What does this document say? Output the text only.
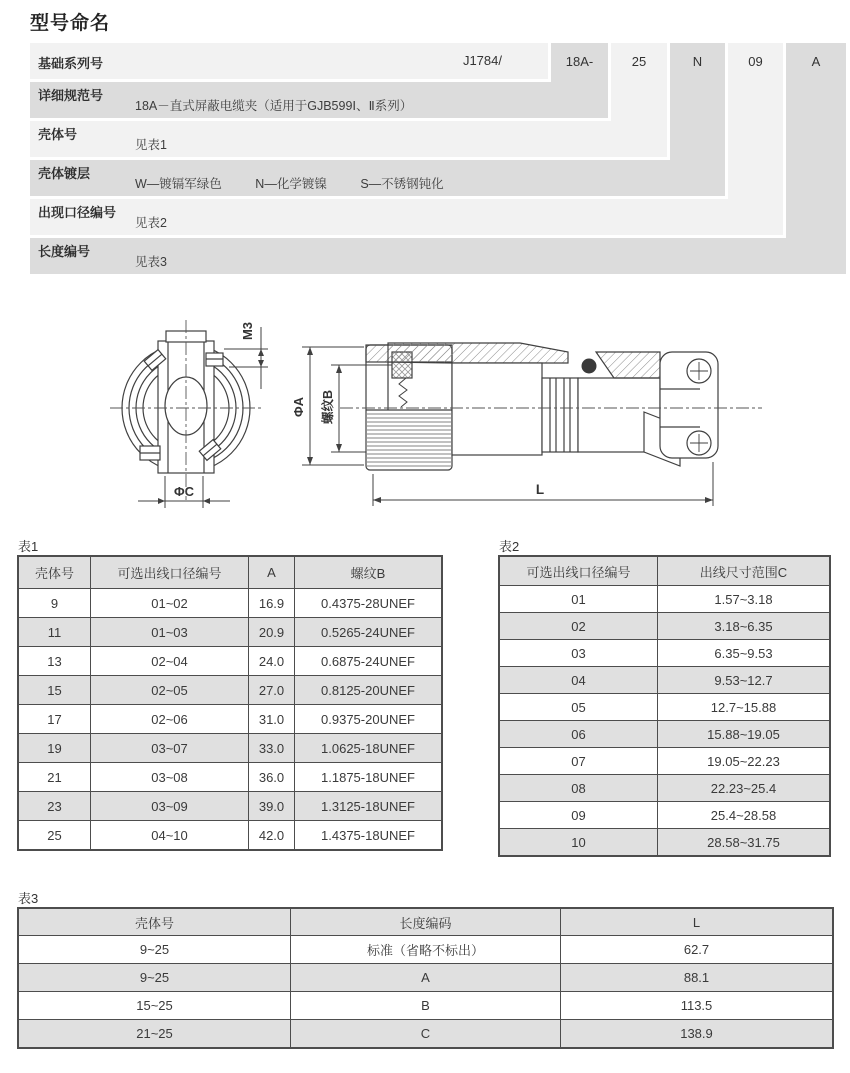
型号命名
基础系列号	J1784/
详细规范号
18A－直式屏蔽电缆夹（适用于GJB599Ⅰ、Ⅱ系列）
壳体号
见表1
壳体镀层
W—镀镉军绿色	N—化学镀镍	S—不锈钢钝化
出现口径编号
见表2
长度编号
见表3
18A-	25	N	09	A
M3
ΦC
ΦA 螺纹B
L
表1
壳体号	可选出线口径编号	A	螺纹B
9	01~02	16.9	0.4375-28UNEF
11	01~03	20.9	0.5265-24UNEF
13	02~04	24.0	0.6875-24UNEF
15	02~05	27.0	0.8125-20UNEF
17	02~06	31.0	0.9375-20UNEF
19	03~07	33.0	1.0625-18UNEF
21	03~08	36.0	1.1875-18UNEF
23	03~09	39.0	1.3125-18UNEF
25	04~10	42.0	1.4375-18UNEF
表2
可选出线口径编号	出线尺寸范围C
01	1.57~3.18
02	3.18~6.35
03	6.35~9.53
04	9.53~12.7
05	12.7~15.88
06	15.88~19.05
07	19.05~22.23
08	22.23~25.4
09	25.4~28.58
10	28.58~31.75
表3
壳体号	长度编码	L
9~25	标准（省略不标出）	62.7
9~25	A	88.1
15~25	B	113.5
21~25	C	138.9
